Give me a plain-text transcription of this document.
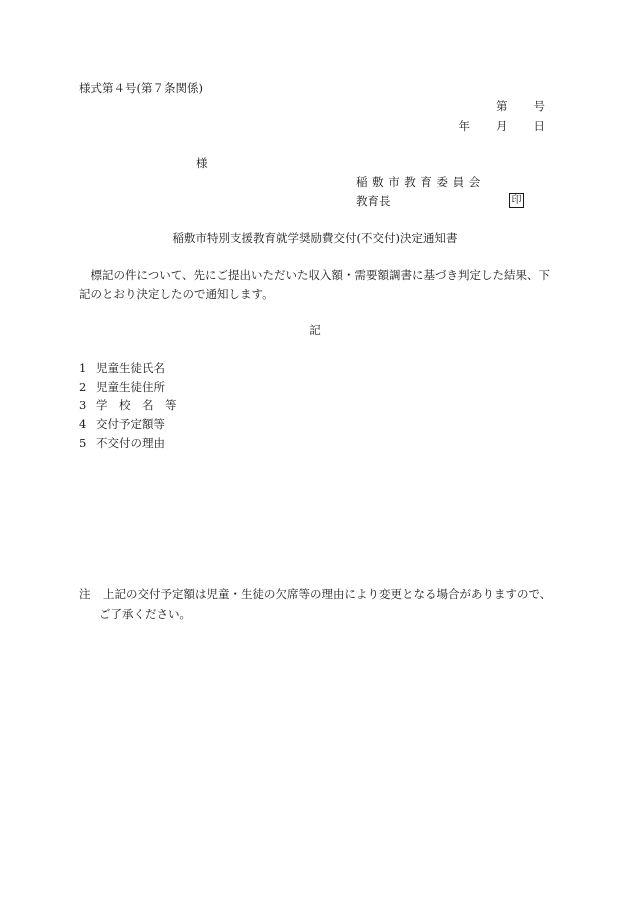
様式第４号(第７条関係)
第 号
年 月 日
様
稲敷市教育委員会
教育長	印
稲敷市特別支援教育就学奨励費交付(不交付)決定通知書
標記の件について、先にご提出いただいた収入額・需要額調書に基づき判定した結果、下記のとおり決定したので通知します。
記
1 児童生徒氏名
2 児童生徒住所
3 学　校　名　等
4 交付予定額等
5 不交付の理由
注	上記の交付予定額は児童・生徒の欠席等の理由により変更となる場合がありますので、ご了承ください。
